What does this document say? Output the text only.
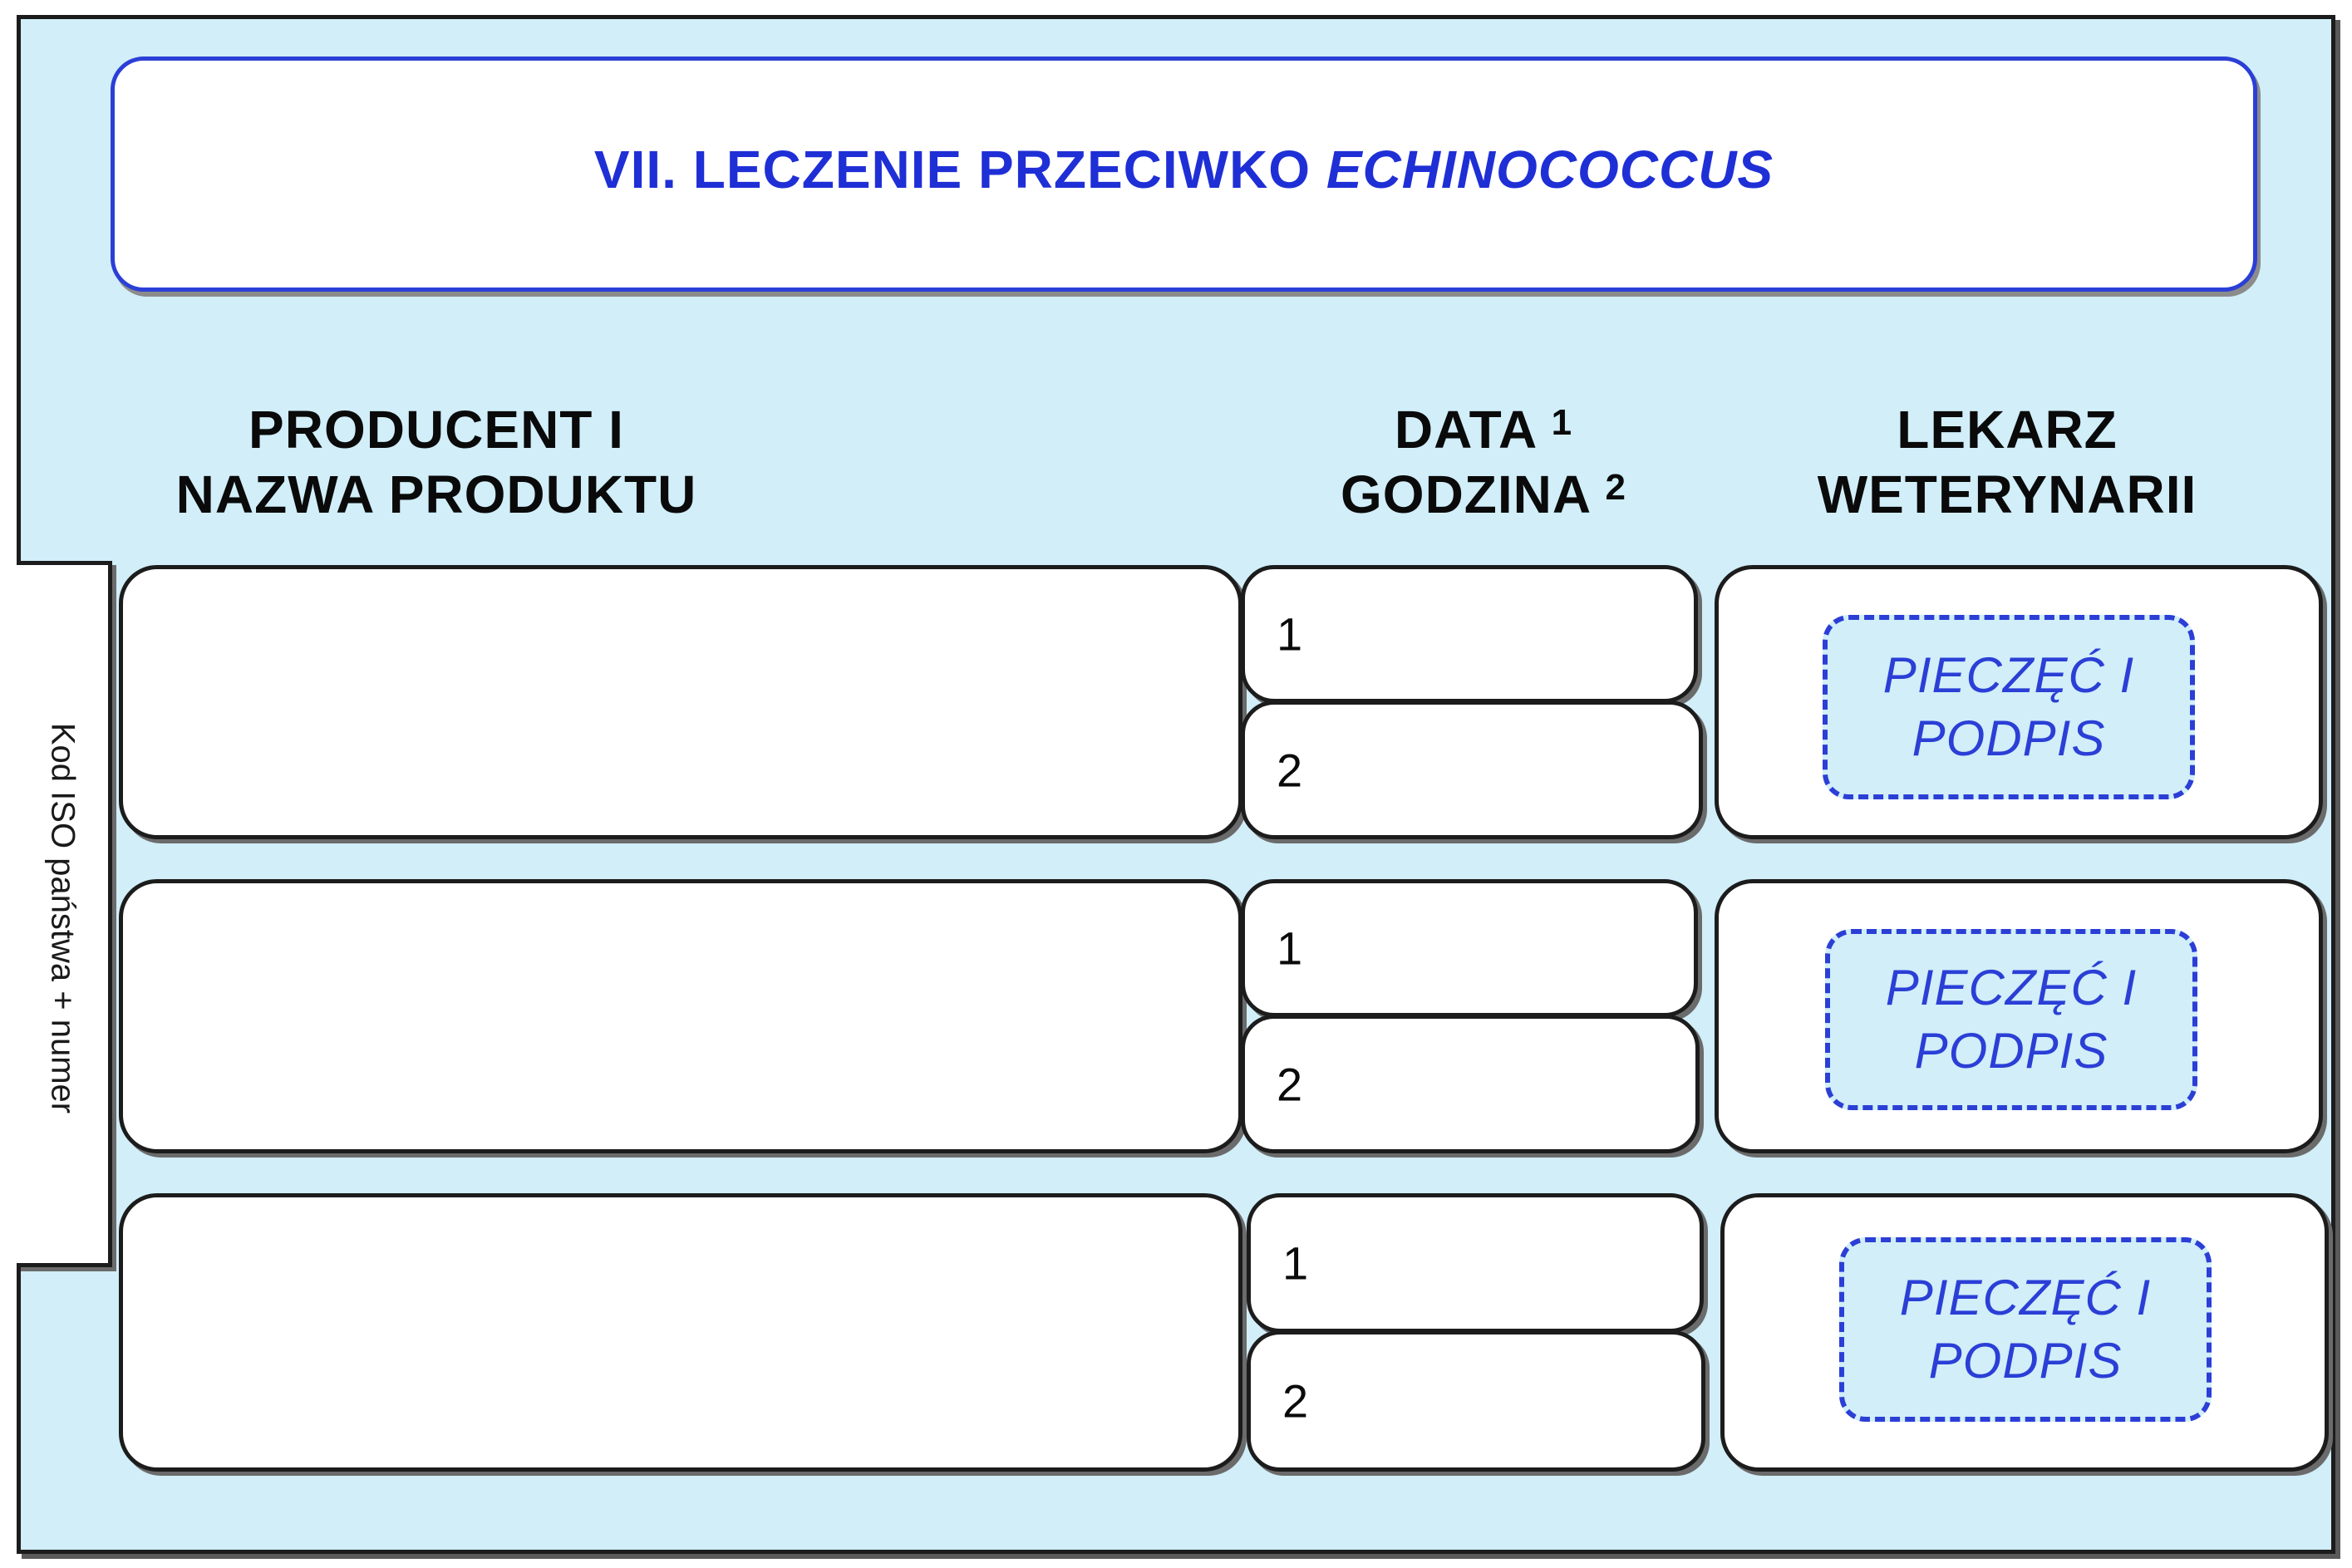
VII. LECZENIE PRZECIWKO ECHINOCOCCUS
PRODUCENT I
NAZWA PRODUKTU
DATA $^1$
GODZINA $^2$
LEKARZ
WETERYNARII
Kod ISO państwa + numer
1
2
PIECZĘĆ I
PODPIS
1
2
PIECZĘĆ I
PODPIS
1
2
PIECZĘĆ I
PODPIS
